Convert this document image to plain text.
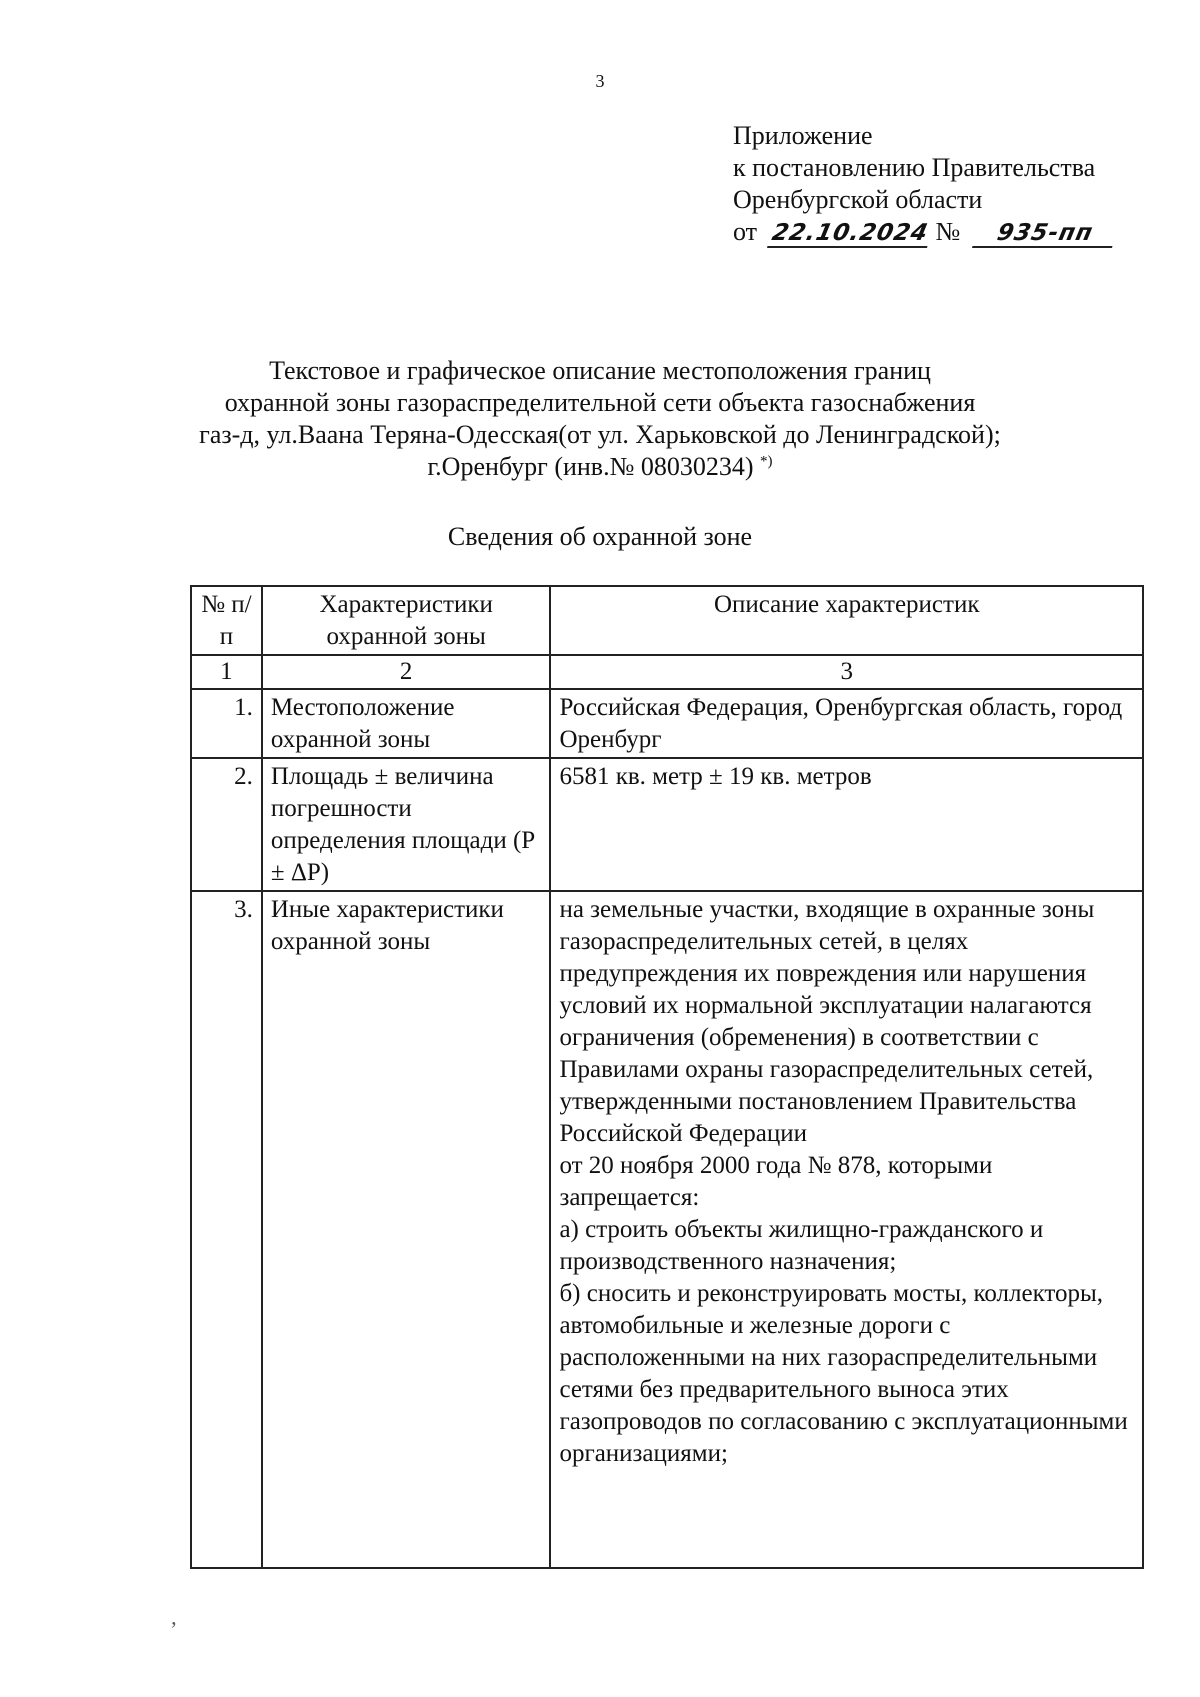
3
Приложение
к постановлению Правительства
Оренбургской области
от 22.10.2024 № 935-пп
Текстовое и графическое описание местоположения границ
охранной зоны газораспределительной сети объекта газоснабжения
газ-д, ул.Ваана Теряна-Одесская(от ул. Харьковской до Ленинградской);
г.Оренбург (инв.№ 08030234) *)
Сведения об охранной зоне
№ п/п	Характеристики охранной зоны	Описание характеристик
1	2	3
1.	Местоположение охранной зоны	Российская Федерация, Оренбургская область, город Оренбург
2.	Площадь ± величина погрешности определения площади (P ± ΔP)	6581 кв. метр ± 19 кв. метров
3.	Иные характеристики охранной зоны	на земельные участки, входящие в охранные зоны газораспределительных сетей, в целях предупреждения их повреждения или нарушения условий их нормальной эксплуатации налагаются ограничения (обременения) в соответствии с Правилами охраны газораспределительных сетей, утвержденными постановлением Правительства Российской Федерации
от 20 ноября 2000 года № 878, которыми запрещается:
а) строить объекты жилищно-гражданского и производственного назначения;
б) сносить и реконструировать мосты, коллекторы, автомобильные и железные дороги с расположенными на них газораспределительными сетями без предварительного выноса этих газопроводов по согласованию с эксплуатационными организациями;
ʼ
